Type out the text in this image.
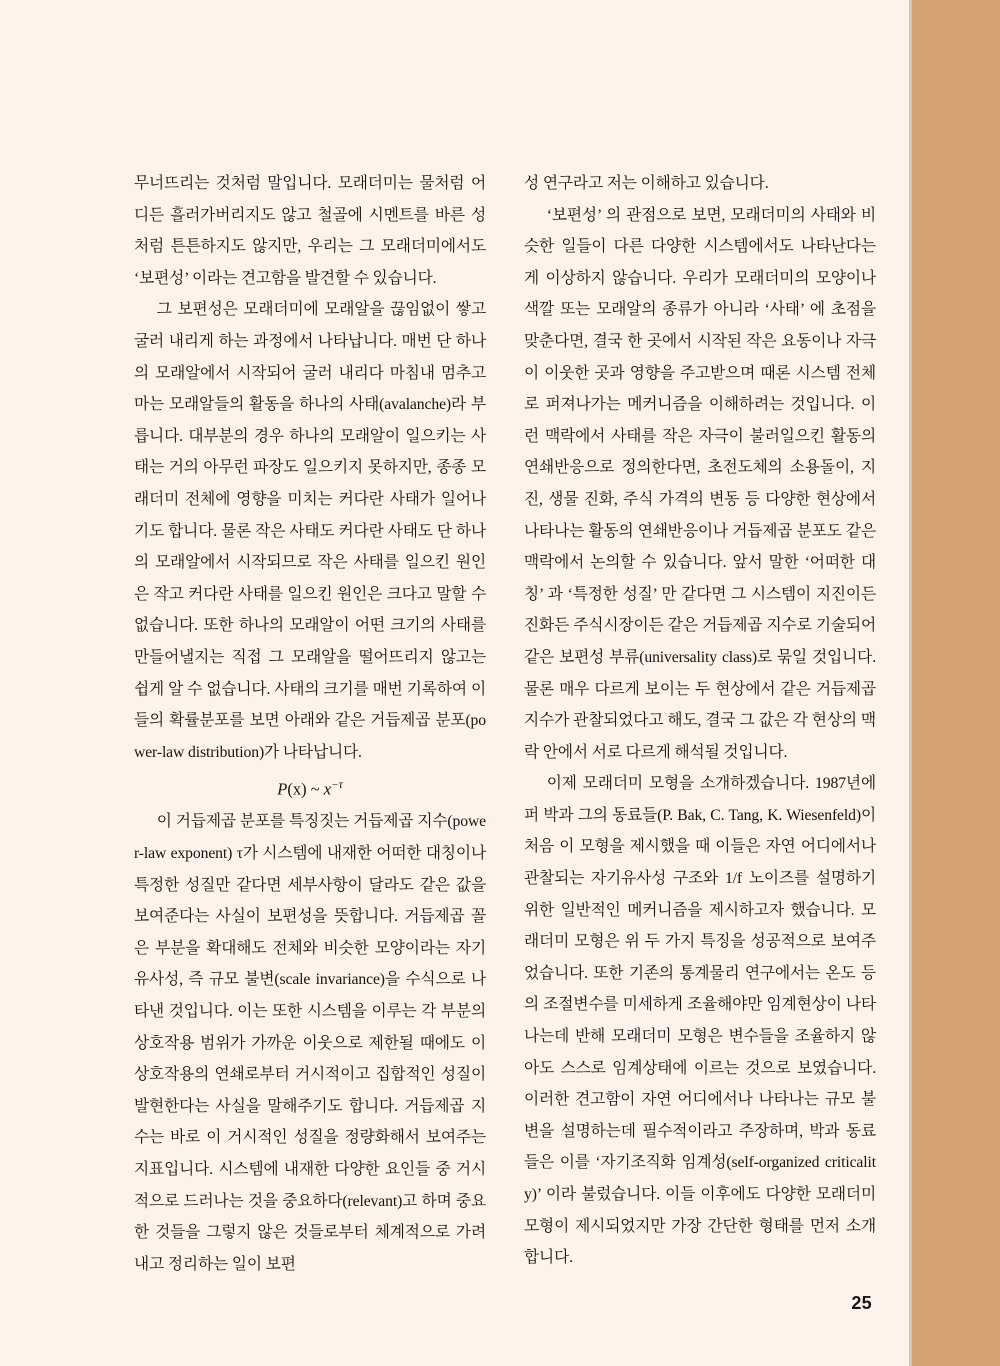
무너뜨리는 것처럼 말입니다. 모래더미는 물처럼 어디든 흘러가버리지도 않고 철골에 시멘트를 바른 성처럼 튼튼하지도 않지만, 우리는 그 모래더미에서도 ‘보편성’ 이라는 견고함을 발견할 수 있습니다.

그 보편성은 모래더미에 모래알을 끊임없이 쌓고 굴러 내리게 하는 과정에서 나타납니다. 매번 단 하나의 모래알에서 시작되어 굴러 내리다 마침내 멈추고 마는 모래알들의 활동을 하나의 사태(avalanche)라 부릅니다. 대부분의 경우 하나의 모래알이 일으키는 사태는 거의 아무런 파장도 일으키지 못하지만, 종종 모래더미 전체에 영향을 미치는 커다란 사태가 일어나기도 합니다. 물론 작은 사태도 커다란 사태도 단 하나의 모래알에서 시작되므로 작은 사태를 일으킨 원인은 작고 커다란 사태를 일으킨 원인은 크다고 말할 수 없습니다. 또한 하나의 모래알이 어떤 크기의 사태를 만들어낼지는 직접 그 모래알을 떨어뜨리지 않고는 쉽게 알 수 없습니다. 사태의 크기를 매번 기록하여 이들의 확률분포를 보면 아래와 같은 거듭제곱 분포(power-law distribution)가 나타납니다.

P(x) ~ $x^{-\tau}$

이 거듭제곱 분포를 특징짓는 거듭제곱 지수(power-law exponent) τ가 시스템에 내재한 어떠한 대칭이나 특정한 성질만 같다면 세부사항이 달라도 같은 값을 보여준다는 사실이 보편성을 뜻합니다. 거듭제곱 꼴은 부분을 확대해도 전체와 비슷한 모양이라는 자기유사성, 즉 규모 불변(scale invariance)을 수식으로 나타낸 것입니다. 이는 또한 시스템을 이루는 각 부분의 상호작용 범위가 가까운 이웃으로 제한될 때에도 이 상호작용의 연쇄로부터 거시적이고 집합적인 성질이 발현한다는 사실을 말해주기도 합니다. 거듭제곱 지수는 바로 이 거시적인 성질을 정량화해서 보여주는 지표입니다. 시스템에 내재한 다양한 요인들 중 거시적으로 드러나는 것을 중요하다(relevant)고 하며 중요한 것들을 그렇지 않은 것들로부터 체계적으로 가려내고 정리하는 일이 보편

성 연구라고 저는 이해하고 있습니다.

‘보편성’ 의 관점으로 보면, 모래더미의 사태와 비슷한 일들이 다른 다양한 시스템에서도 나타난다는 게 이상하지 않습니다. 우리가 모래더미의 모양이나 색깔 또는 모래알의 종류가 아니라 ‘사태’ 에 초점을 맞춘다면, 결국 한 곳에서 시작된 작은 요동이나 자극이 이웃한 곳과 영향을 주고받으며 때론 시스템 전체로 퍼져나가는 메커니즘을 이해하려는 것입니다. 이런 맥락에서 사태를 작은 자극이 불러일으킨 활동의 연쇄반응으로 정의한다면, 초전도체의 소용돌이, 지진, 생물 진화, 주식 가격의 변동 등 다양한 현상에서 나타나는 활동의 연쇄반응이나 거듭제곱 분포도 같은 맥락에서 논의할 수 있습니다. 앞서 말한 ‘어떠한 대칭’ 과 ‘특정한 성질’ 만 같다면 그 시스템이 지진이든 진화든 주식시장이든 같은 거듭제곱 지수로 기술되어 같은 보편성 부류(universality class)로 묶일 것입니다. 물론 매우 다르게 보이는 두 현상에서 같은 거듭제곱 지수가 관찰되었다고 해도, 결국 그 값은 각 현상의 맥락 안에서 서로 다르게 해석될 것입니다.

이제 모래더미 모형을 소개하겠습니다. 1987년에 퍼 박과 그의 동료들(P. Bak, C. Tang, K. Wiesenfeld)이 처음 이 모형을 제시했을 때 이들은 자연 어디에서나 관찰되는 자기유사성 구조와 1/f 노이즈를 설명하기 위한 일반적인 메커니즘을 제시하고자 했습니다. 모래더미 모형은 위 두 가지 특징을 성공적으로 보여주었습니다. 또한 기존의 통계물리 연구에서는 온도 등의 조절변수를 미세하게 조율해야만 임계현상이 나타나는데 반해 모래더미 모형은 변수들을 조율하지 않아도 스스로 임계상태에 이르는 것으로 보였습니다. 이러한 견고함이 자연 어디에서나 나타나는 규모 불변을 설명하는데 필수적이라고 주장하며, 박과 동료들은 이를 ‘자기조직화 임계성(self-organized criticality)’ 이라 불렀습니다. 이들 이후에도 다양한 모래더미 모형이 제시되었지만 가장 간단한 형태를 먼저 소개합니다.

25
